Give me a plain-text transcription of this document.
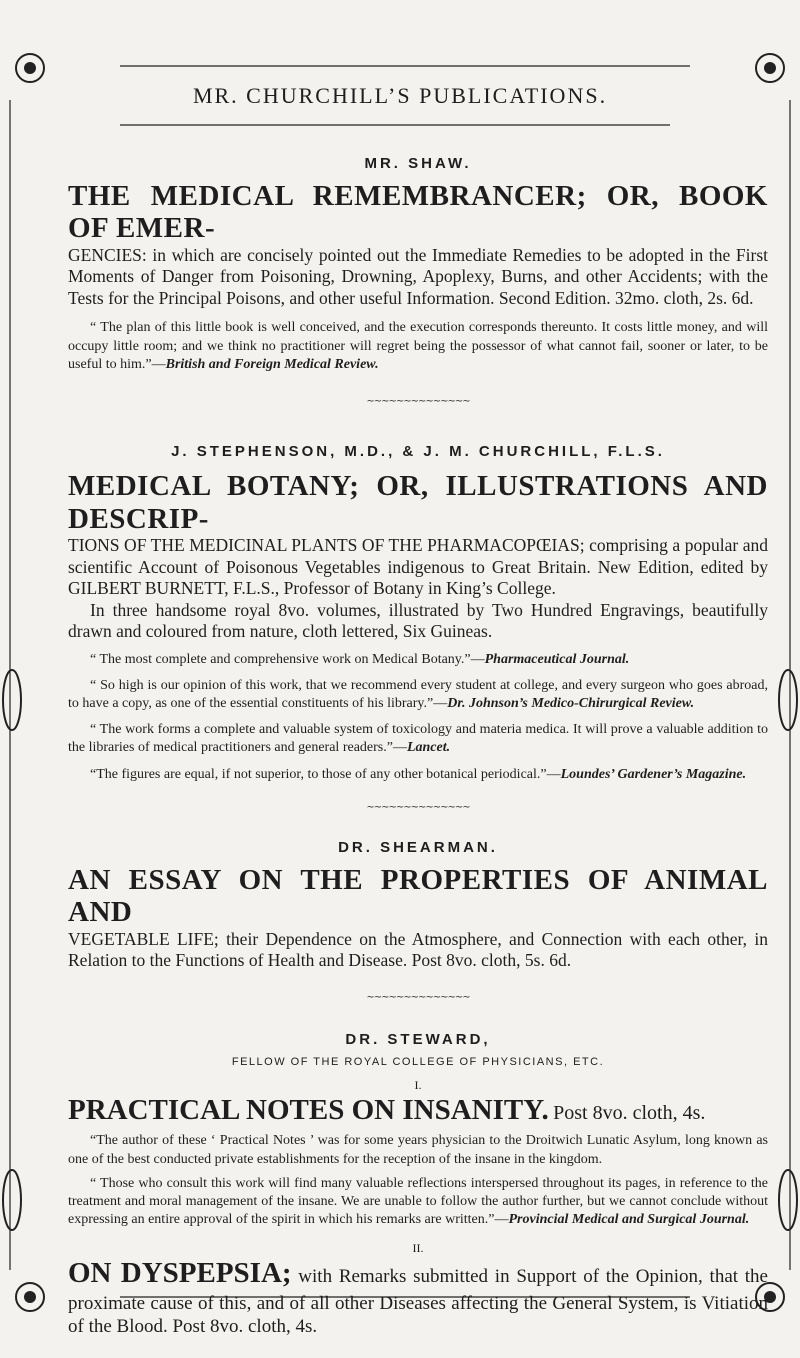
MR. CHURCHILL’S PUBLICATIONS.
MR. SHAW.

THE MEDICAL REMEMBRANCER; OR, BOOK OF EMER-

GENCIES: in which are concisely pointed out the Immediate Remedies to be adopted in the First Moments of Danger from Poisoning, Drowning, Apoplexy, Burns, and other Accidents; with the Tests for the Principal Poisons, and other useful Information. Second Edition. 32mo. cloth, 2s. 6d.

“ The plan of this little book is well conceived, and the execution corresponds thereunto. It costs little money, and will occupy little room; and we think no practitioner will regret being the possessor of what cannot fail, sooner or later, to be useful to him.”—British and Foreign Medical Review.

∼∼∼∼∼∼∼∼∼∼∼∼∼∼
J. STEPHENSON, M.D., & J. M. CHURCHILL, F.L.S.

MEDICAL BOTANY; OR, ILLUSTRATIONS AND DESCRIP-

TIONS OF THE MEDICINAL PLANTS OF THE PHARMACOPŒIAS; comprising a popular and scientific Account of Poisonous Vegetables indigenous to Great Britain. New Edition, edited by GILBERT BURNETT, F.L.S., Professor of Botany in King’s College.

In three handsome royal 8vo. volumes, illustrated by Two Hundred Engravings, beautifully drawn and coloured from nature, cloth lettered, Six Guineas.

“ The most complete and comprehensive work on Medical Botany.”—Pharmaceutical Journal.

“ So high is our opinion of this work, that we recommend every student at college, and every surgeon who goes abroad, to have a copy, as one of the essential constituents of his library.”—Dr. Johnson’s Medico-Chirurgical Review.

“ The work forms a complete and valuable system of toxicology and materia medica. It will prove a valuable addition to the libraries of medical practitioners and general readers.”—Lancet.

“The figures are equal, if not superior, to those of any other botanical periodical.”—Loundes’ Gardener’s Magazine.

∼∼∼∼∼∼∼∼∼∼∼∼∼∼
DR. SHEARMAN.

AN ESSAY ON THE PROPERTIES OF ANIMAL AND

VEGETABLE LIFE; their Dependence on the Atmosphere, and Connection with each other, in Relation to the Functions of Health and Disease. Post 8vo. cloth, 5s. 6d.

∼∼∼∼∼∼∼∼∼∼∼∼∼∼
DR. STEWARD,
FELLOW OF THE ROYAL COLLEGE OF PHYSICIANS, ETC.
I.

PRACTICAL NOTES ON INSANITY. Post 8vo. cloth, 4s.

“The author of these ‘ Practical Notes ’ was for some years physician to the Droitwich Lunatic Asylum, long known as one of the best conducted private establishments for the reception of the insane in the kingdom.

“ Those who consult this work will find many valuable reflections interspersed throughout its pages, in reference to the treatment and moral management of the insane. We are unable to follow the author further, but we cannot conclude without expressing an entire approval of the spirit in which his remarks are written.”—Provincial Medical and Surgical Journal.

II.

ON DYSPEPSIA; with Remarks submitted in Support of the Opinion, that the proximate cause of this, and of all other Diseases affecting the General System, is Vitiation of the Blood. Post 8vo. cloth, 4s.
